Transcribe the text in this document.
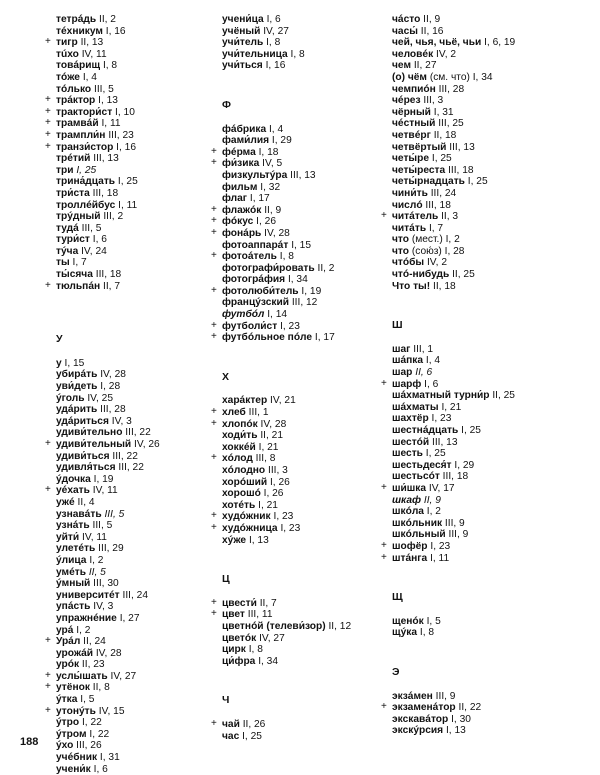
тетрáдь II, 2
тéхникум I, 16
+ тигр II, 13
тúхо IV, 11
товáрищ I, 8
тóже I, 4
тóлько III, 5
+ трáктор I, 13
+ трактори́ст I, 10
+ трамвáй I, 11
+ трампли́н III, 23
+ транзи́стор I, 16
трéтий III, 13
три I, 25
трина́дцать I, 25
три́ста III, 18
троллéйбус I, 11
трýдный III, 2
тудá III, 5
тури́ст I, 6
тýча IV, 24
ты I, 7
ты́сяча III, 18
+ тюльпáн II, 7
У
у I, 15
убирáть IV, 28
уви́деть I, 28
ýголь IV, 25
удáрить III, 28
удáриться IV, 3
удиви́тельно III, 22
+ удиви́тельный IV, 26
удиви́ться III, 22
удивля́ться III, 22
ýдочка I, 19
+ уéхать IV, 11
ужé II, 4
узнавáть III, 5
узнáть III, 5
уйти́ IV, 11
улетéть III, 29
ýлица I, 2
умéть II, 5
ýмный III, 30
университéт III, 24
упáсть IV, 3
упражнéние I, 27
урá I, 2
+ Урáл II, 24
урожáй IV, 28
урóк II, 23
+ услы́шать IV, 27
+ утёнок II, 8
ýтка I, 5
+ утонýть IV, 15
ýтро I, 22
ýтром I, 22
ýхо III, 26
учéбник I, 31
учени́к I, 6
учени́ца I, 6
учёный IV, 27
учи́тель I, 8
учи́тельница I, 8
учи́ться I, 16
Ф
фáбрика I, 4
фами́лия I, 29
+ фéрма I, 18
+ фи́зика IV, 5
физкультýра III, 13
фильм I, 32
флаг I, 17
+ флажóк II, 9
+ фóкус I, 26
+ фонáрь IV, 28
фотоаппарáт I, 15
+ фотоáтель I, 8
фотографи́ровать II, 2
фотогрáфия I, 34
+ фотолюби́тель I, 19
францýзский III, 12
футбóл I, 14
+ футболи́ст I, 23
+ футбóльное пóле I, 17
Х
харáктер IV, 21
+ хлеб III, 1
+ хлопóк IV, 28
ходи́ть II, 21
хоккéй I, 21
+ хóлод III, 8
хóлодно III, 3
хорóший I, 26
хорошó I, 26
хотéть I, 21
+ худóжник I, 23
+ худóжница I, 23
хýже I, 13
Ц
+ цвести́ II, 7
+ цвет III, 11
цветнóй (телеви́зор) II, 12
цветóк IV, 27
цирк I, 8
ци́фра I, 34
Ч
+ чай II, 26
час I, 25
чáсто II, 9
часы́ II, 16
чей, чья, чьё, чьи I, 6, 19
человéк IV, 2
чем II, 27
(о) чём (см. что) I, 34
чемпиóн III, 28
чéрез III, 3
чёрный I, 31
чéстный III, 25
четвéрг II, 18
четвёртый III, 13
четы́ре I, 25
четы́реста III, 18
четы́рнадцать I, 25
чини́ть III, 24
числó III, 18
+ читáтель II, 3
читáть I, 7
что (мест.) I, 2
что (сою́з) I, 28
чтóбы IV, 2
чтó-нибудь II, 25
Что ты! II, 18
Ш
шаг III, 1
шáпка I, 4
шар II, 6
+ шарф I, 6
шáхматный турни́р II, 25
шáхматы I, 21
шахтёр I, 23
шестнáдцать I, 25
шестóй III, 13
шесть I, 25
шестьдеся́т I, 29
шестьсóт III, 18
+ ши́шка IV, 17
шкаф II, 9
шкóла I, 2
шкóльник III, 9
шкóльный III, 9
+ шофёр I, 23
+ штáнга I, 11
Щ
щенóк I, 5
щýка I, 8
Э
экзáмен III, 9
+ экзаменáтор II, 22
экскавáтор I, 30
экскýрсия I, 13
188
